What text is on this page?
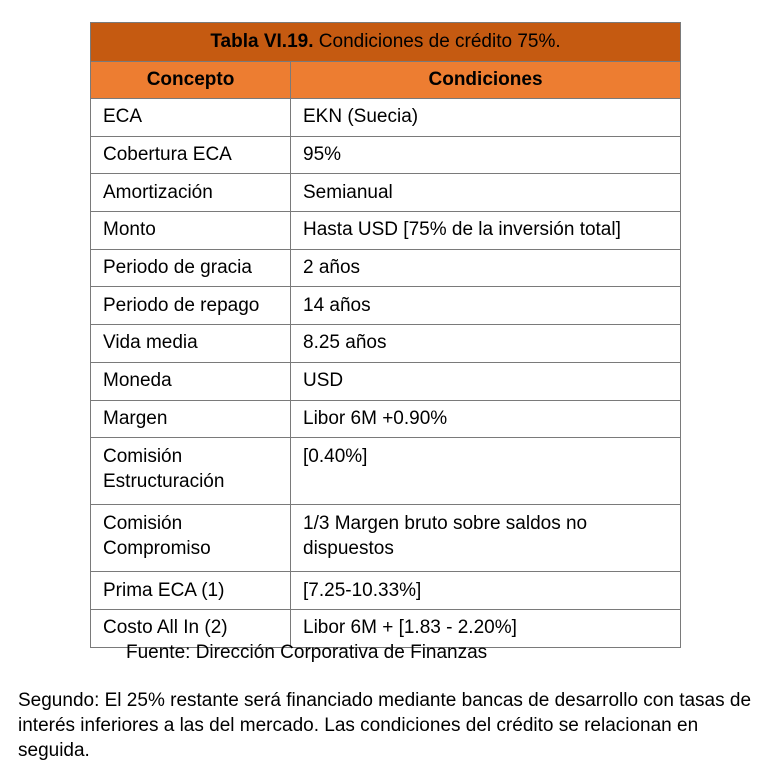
Tabla VI.19. Condiciones de crédito 75%.	
Concepto	Condiciones
ECA	EKN (Suecia)
Cobertura ECA	95%
Amortización	Semianual
Monto	Hasta USD [75% de la inversión total]
Periodo de gracia	2 años
Periodo de repago	14 años
Vida media	8.25 años
Moneda	USD
Margen	Libor 6M +0.90%
Comisión Estructuración	[0.40%]
Comisión Compromiso	1/3 Margen bruto sobre saldos no dispuestos
Prima ECA (1)	[7.25-10.33%]
Costo All In (2)	Libor 6M + [1.83 - 2.20%]
Fuente: Dirección Corporativa de Finanzas
Segundo: El 25% restante será financiado mediante bancas de desarrollo con tasas de interés inferiores a las del mercado. Las condiciones del crédito se relacionan en seguida.
